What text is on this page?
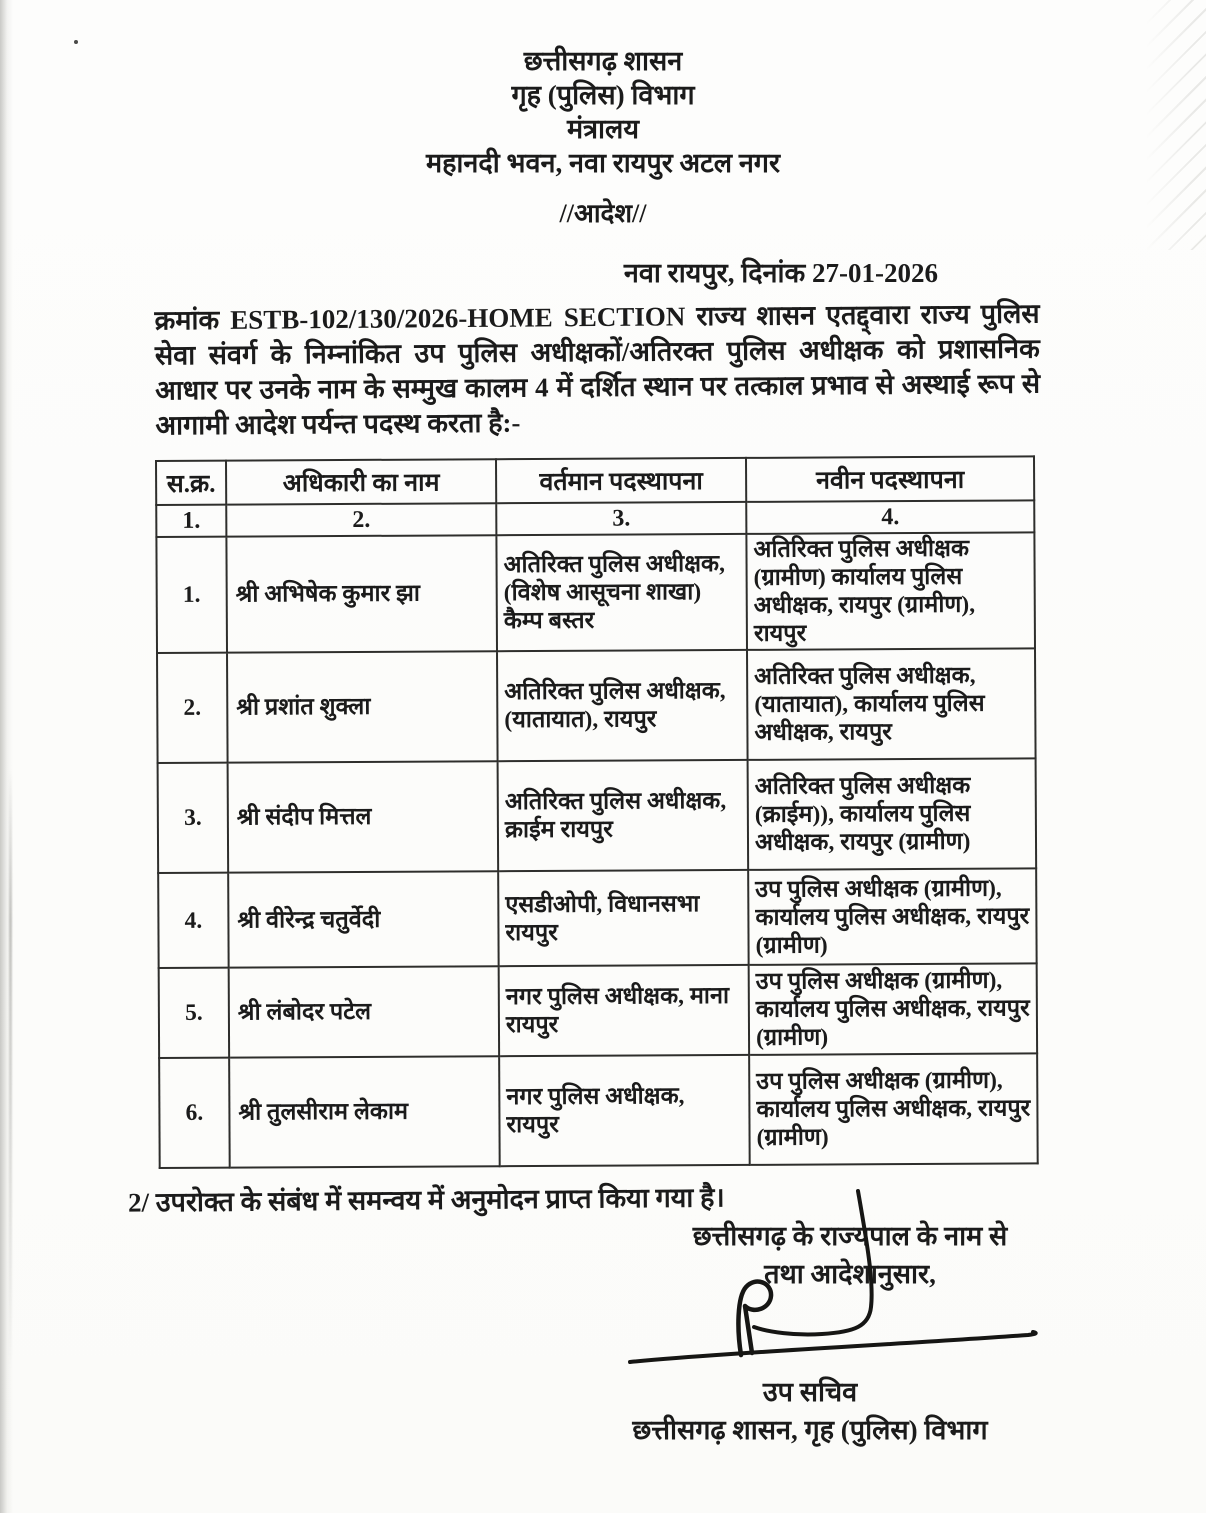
छत्तीसगढ़ शासन
गृह (पुलिस) विभाग
मंत्रालय
महानदी भवन, नवा रायपुर अटल नगर
//आदेश//
नवा रायपुर, दिनांक 27-01-2026
क्रमांक ESTB-102/130/2026-HOME SECTION राज्य शासन एतद्द्वारा राज्य पुलिस सेवा संवर्ग के निम्नांकित उप पुलिस अधीक्षकों/अतिरक्त पुलिस अधीक्षक को प्रशासनिक आधार पर उनके नाम के सम्मुख कालम 4 में दर्शित स्थान पर तत्काल प्रभाव से अस्थाई रूप से आगामी आदेश पर्यन्त पदस्थ करता है:-
स.क्र.	अधिकारी का नाम	वर्तमान पदस्थापना	नवीन पदस्थापना
1.	2.	3.	4.
1.	श्री अभिषेक कुमार झा	अतिरिक्त पुलिस अधीक्षक, (विशेष आसूचना शाखा) कैम्प बस्तर	अतिरिक्त पुलिस अधीक्षक (ग्रामीण) कार्यालय पुलिस अधीक्षक, रायपुर (ग्रामीण), रायपुर
2.	श्री प्रशांत शुक्ला	अतिरिक्त पुलिस अधीक्षक, (यातायात), रायपुर	अतिरिक्त पुलिस अधीक्षक, (यातायात), कार्यालय पुलिस अधीक्षक, रायपुर
3.	श्री संदीप मित्तल	अतिरिक्त पुलिस अधीक्षक, क्राईम रायपुर	अतिरिक्त पुलिस अधीक्षक (क्राईम)), कार्यालय पुलिस अधीक्षक, रायपुर (ग्रामीण)
4.	श्री वीरेन्द्र चतुर्वेदी	एसडीओपी, विधानसभा रायपुर	उप पुलिस अधीक्षक (ग्रामीण), कार्यालय पुलिस अधीक्षक, रायपुर (ग्रामीण)
5.	श्री लंबोदर पटेल	नगर पुलिस अधीक्षक, माना रायपुर	उप पुलिस अधीक्षक (ग्रामीण), कार्यालय पुलिस अधीक्षक, रायपुर (ग्रामीण)
6.	श्री तुलसीराम लेकाम	नगर पुलिस अधीक्षक, रायपुर	उप पुलिस अधीक्षक (ग्रामीण), कार्यालय पुलिस अधीक्षक, रायपुर (ग्रामीण)
2/ उपरोक्त के संबंध में समन्वय में अनुमोदन प्राप्त किया गया है।
छत्तीसगढ़ के राज्यपाल के नाम से
तथा आदेशानुसार,
उप सचिव
छत्तीसगढ़ शासन, गृह (पुलिस) विभाग
